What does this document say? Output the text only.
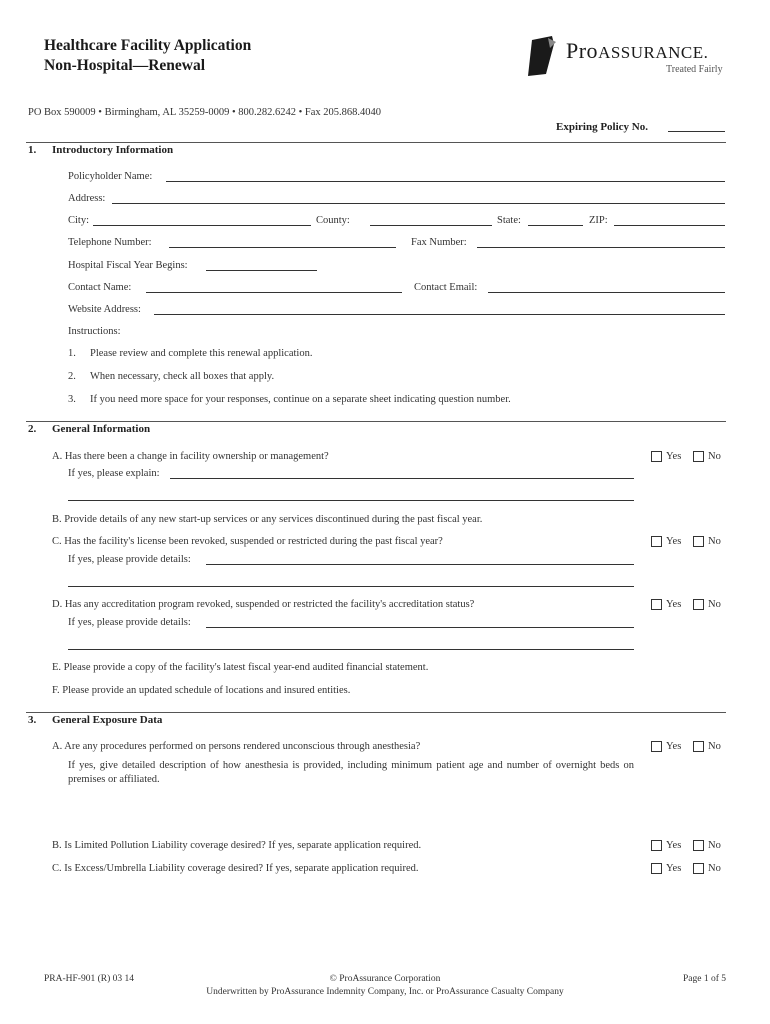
Healthcare Facility Application
Non-Hospital—Renewal
ProASSURANCE.
Treated Fairly
PO Box 590009 • Birmingham, AL 35259-0009 • 800.282.6242 • Fax 205.868.4040
Expiring Policy No.
1. Introductory Information
Policyholder Name:
Address:
City:	County:	State:	ZIP:
Telephone Number:	Fax Number:
Hospital Fiscal Year Begins:
Contact Name:	Contact Email:
Website Address:
Instructions:
1. Please review and complete this renewal application.
2. When necessary, check all boxes that apply.
3. If you need more space for your responses, continue on a separate sheet indicating question number.
2. General Information
A. Has there been a change in facility ownership or management?	Yes	No
If yes, please explain:
B. Provide details of any new start-up services or any services discontinued during the past fiscal year.
C. Has the facility's license been revoked, suspended or restricted during the past fiscal year?	Yes	No
If yes, please provide details:
D. Has any accreditation program revoked, suspended or restricted the facility's accreditation status?	Yes	No
If yes, please provide details:
E. Please provide a copy of the facility's latest fiscal year-end audited financial statement.
F. Please provide an updated schedule of locations and insured entities.
3. General Exposure Data
A. Are any procedures performed on persons rendered unconscious through anesthesia?	Yes	No
If yes, give detailed description of how anesthesia is provided, including minimum patient age and number of overnight beds on premises or affiliated.
B. Is Limited Pollution Liability coverage desired? If yes, separate application required.	Yes	No
C. Is Excess/Umbrella Liability coverage desired? If yes, separate application required.	Yes	No
PRA-HF-901 (R) 03 14	© ProAssurance Corporation
Underwritten by ProAssurance Indemnity Company, Inc. or ProAssurance Casualty Company
Page 1 of 5
